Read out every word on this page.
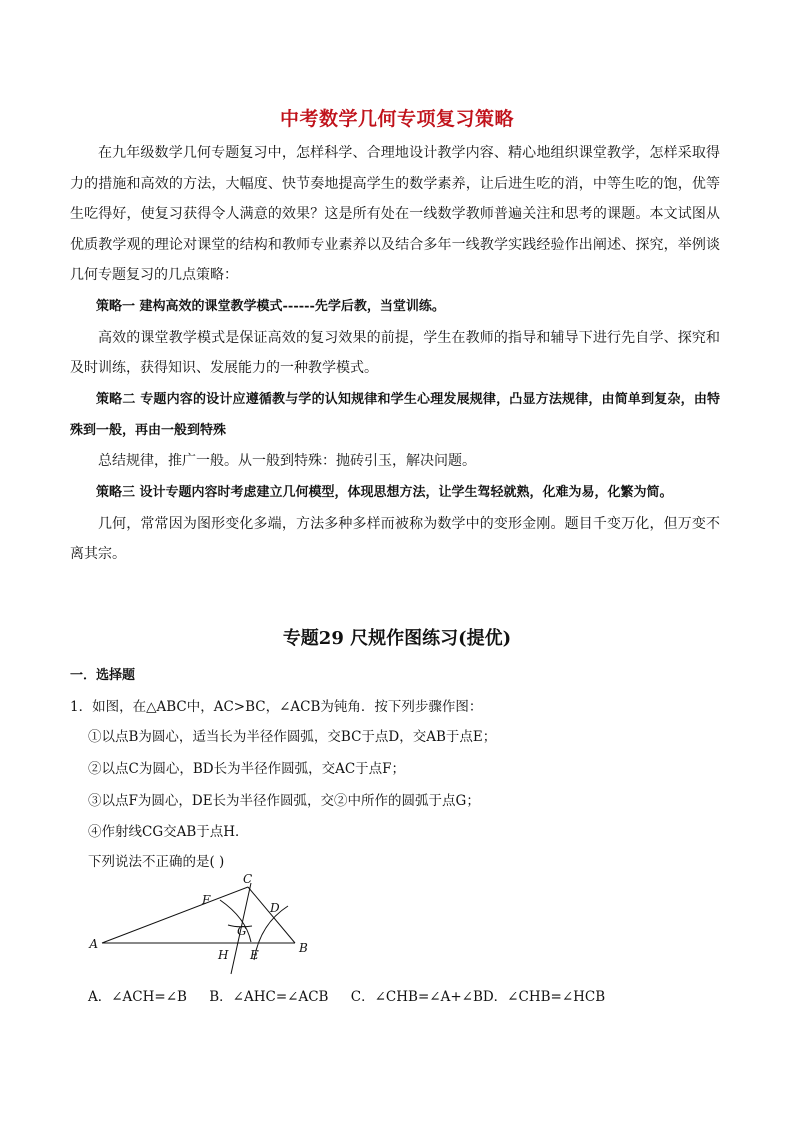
中考数学几何专项复习策略

在九年级数学几何专题复习中，怎样科学、合理地设计教学内容、精心地组织课堂教学，怎样采取得力的措施和高效的方法，大幅度、快节奏地提高学生的数学素养，让后进生吃的消，中等生吃的饱，优等生吃得好，使复习获得令人满意的效果？这是所有处在一线数学教师普遍关注和思考的课题。本文试图从优质教学观的理论对课堂的结构和教师专业素养以及结合多年一线教学实践经验作出阐述、探究，举例谈几何专题复习的几点策略：

策略一 建构高效的课堂教学模式------先学后教，当堂训练。

高效的课堂教学模式是保证高效的复习效果的前提，学生在教师的指导和辅导下进行先自学、探究和及时训练，获得知识、发展能力的一种教学模式。

策略二 专题内容的设计应遵循教与学的认知规律和学生心理发展规律，凸显方法规律，由简单到复杂，由特殊到一般，再由一般到特殊

总结规律，推广一般。从一般到特殊：抛砖引玉，解决问题。

策略三 设计专题内容时考虑建立几何模型，体现思想方法，让学生驾轻就熟，化难为易，化繁为简。

几何，常常因为图形变化多端，方法多种多样而被称为数学中的变形金刚。题目千变万化，但万变不离其宗。

专题29 尺规作图练习(提优)
一．选择题
1．如图，在△ABC中，AC>BC，∠ACB为钝角．按下列步骤作图：
①以点B为圆心，适当长为半径作圆弧，交BC于点D，交AB于点E；
②以点C为圆心，BD长为半径作圆弧，交AC于点F；
③以点F为圆心，DE长为半径作圆弧，交②中所作的圆弧于点G；
④作射线CG交AB于点H．
下列说法不正确的是( )
A	B
C
D
E
F
G
H
A．∠ACH=∠B B．∠AHC=∠ACB C．∠CHB=∠A+∠BD．∠CHB=∠HCB
